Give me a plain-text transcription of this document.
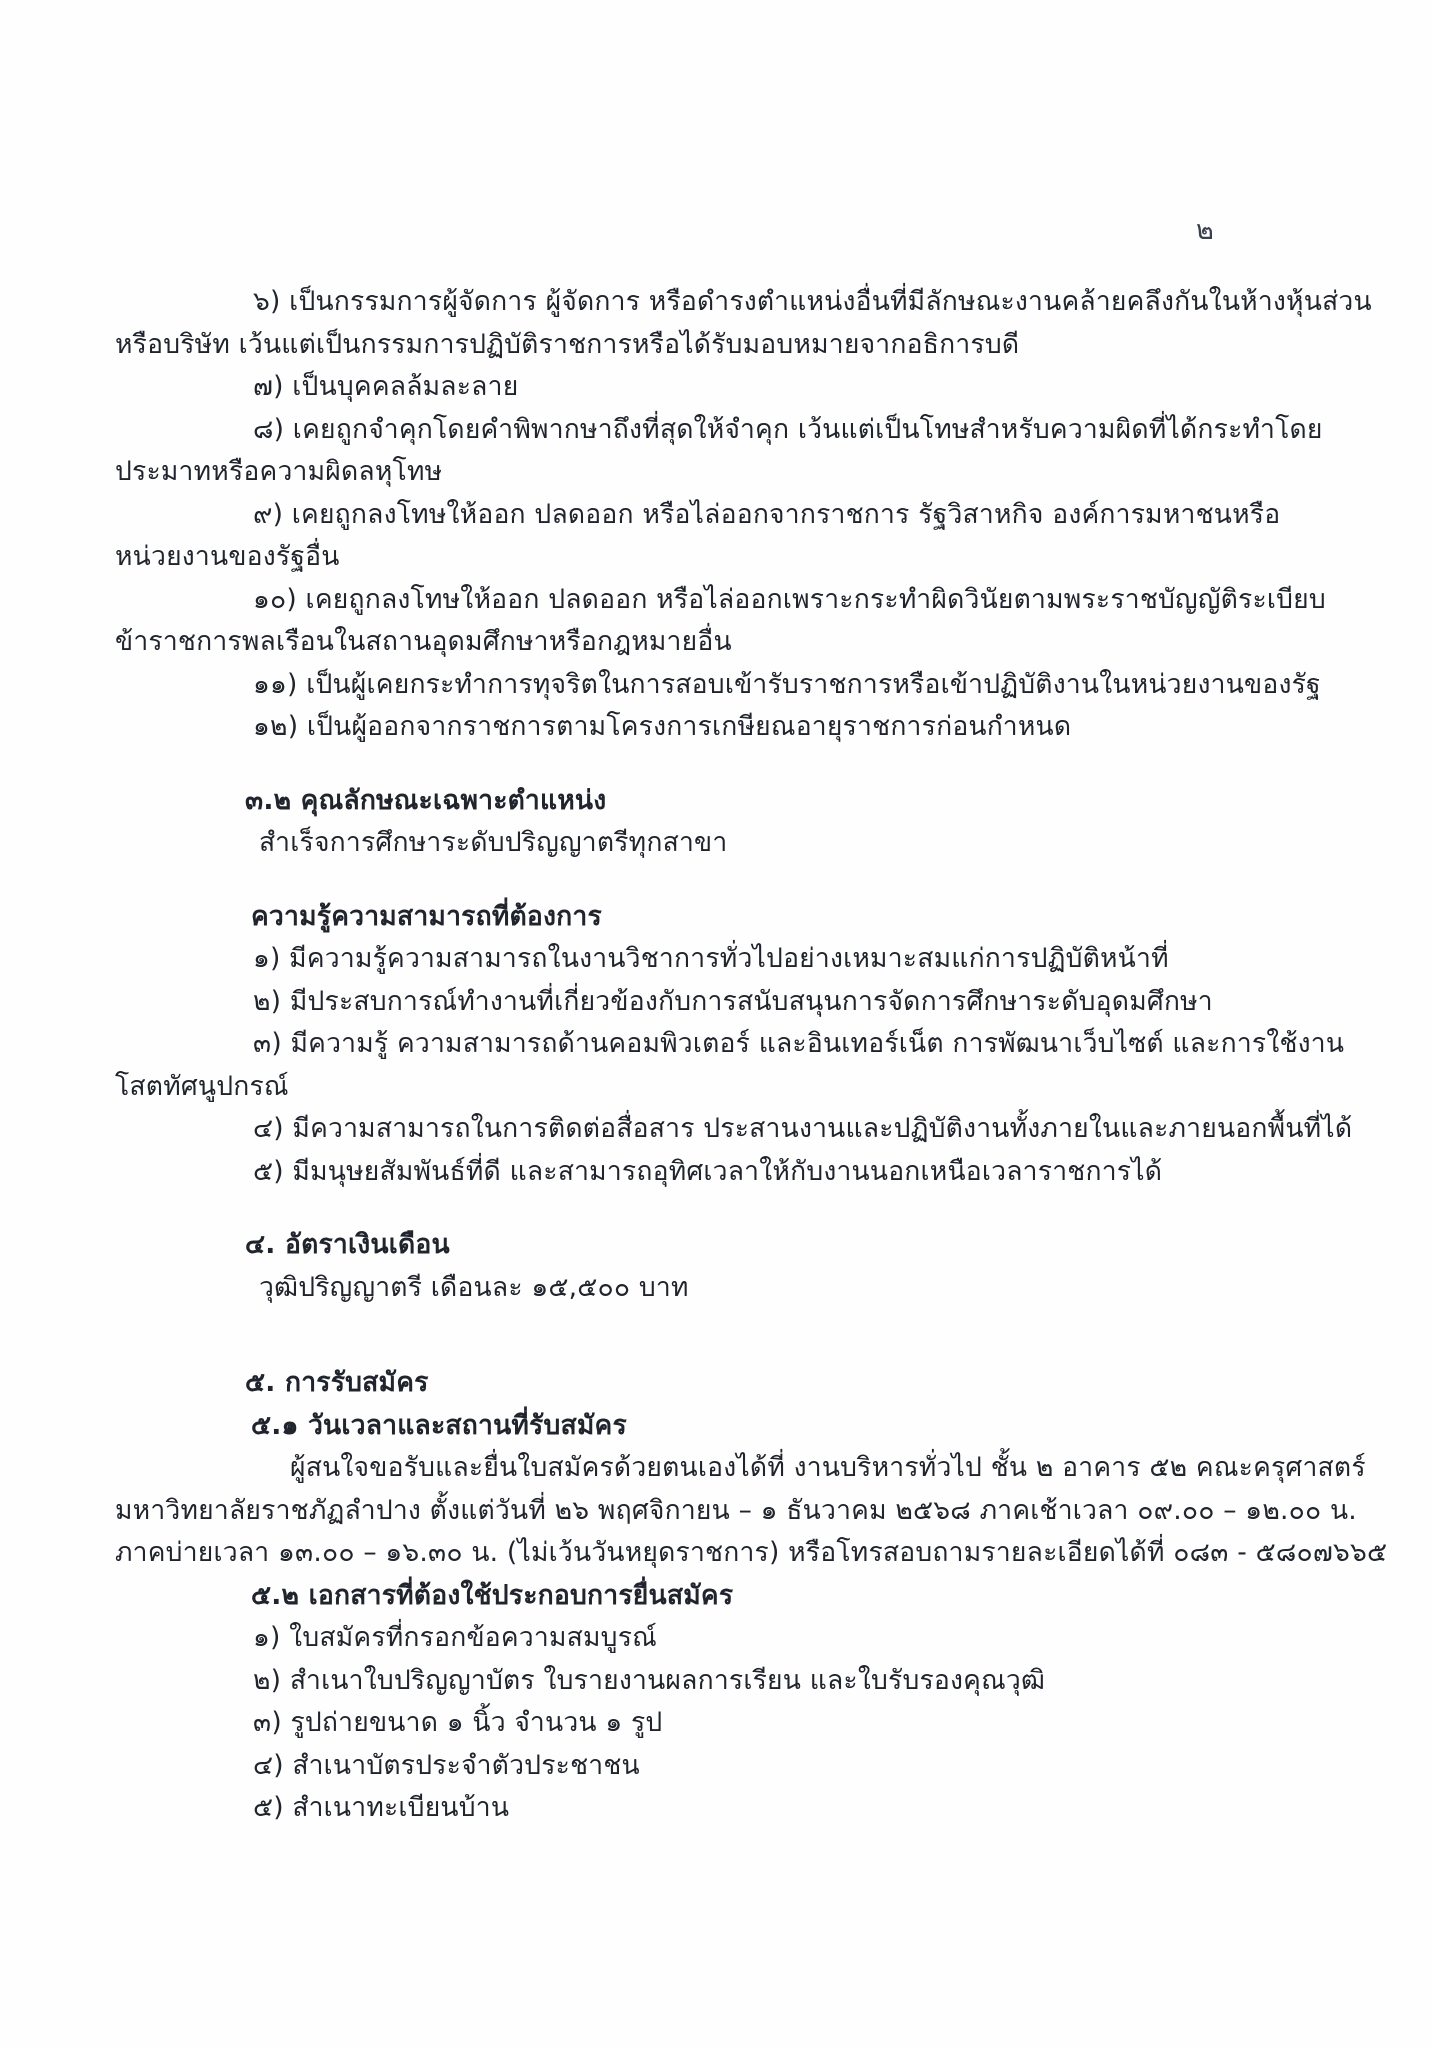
๒
๖) เป็นกรรมการผู้จัดการ ผู้จัดการ หรือดำรงตำแหน่งอื่นที่มีลักษณะงานคล้ายคลึงกันในห้างหุ้นส่วน
หรือบริษัท เว้นแต่เป็นกรรมการปฏิบัติราชการหรือได้รับมอบหมายจากอธิการบดี
๗) เป็นบุคคลล้มละลาย
๘) เคยถูกจำคุกโดยคำพิพากษาถึงที่สุดให้จำคุก เว้นแต่เป็นโทษสำหรับความผิดที่ได้กระทำโดย
ประมาทหรือความผิดลหุโทษ
๙) เคยถูกลงโทษให้ออก ปลดออก หรือไล่ออกจากราชการ รัฐวิสาหกิจ องค์การมหาชนหรือ
หน่วยงานของรัฐอื่น
๑๐) เคยถูกลงโทษให้ออก ปลดออก หรือไล่ออกเพราะกระทำผิดวินัยตามพระราชบัญญัติระเบียบ
ข้าราชการพลเรือนในสถานอุดมศึกษาหรือกฎหมายอื่น
๑๑) เป็นผู้เคยกระทำการทุจริตในการสอบเข้ารับราชการหรือเข้าปฏิบัติงานในหน่วยงานของรัฐ
๑๒) เป็นผู้ออกจากราชการตามโครงการเกษียณอายุราชการก่อนกำหนด
๓.๒ คุณลักษณะเฉพาะตำแหน่ง
สำเร็จการศึกษาระดับปริญญาตรีทุกสาขา
ความรู้ความสามารถที่ต้องการ
๑) มีความรู้ความสามารถในงานวิชาการทั่วไปอย่างเหมาะสมแก่การปฏิบัติหน้าที่
๒) มีประสบการณ์ทำงานที่เกี่ยวข้องกับการสนับสนุนการจัดการศึกษาระดับอุดมศึกษา
๓) มีความรู้ ความสามารถด้านคอมพิวเตอร์ และอินเทอร์เน็ต การพัฒนาเว็บไซต์ และการใช้งาน
โสตทัศนูปกรณ์
๔) มีความสามารถในการติดต่อสื่อสาร ประสานงานและปฏิบัติงานทั้งภายในและภายนอกพื้นที่ได้
๕) มีมนุษยสัมพันธ์ที่ดี และสามารถอุทิศเวลาให้กับงานนอกเหนือเวลาราชการได้
๔. อัตราเงินเดือน
วุฒิปริญญาตรี เดือนละ ๑๕,๕๐๐ บาท
๕. การรับสมัคร
๕.๑ วันเวลาและสถานที่รับสมัคร
ผู้สนใจขอรับและยื่นใบสมัครด้วยตนเองได้ที่ งานบริหารทั่วไป ชั้น ๒ อาคาร ๕๒ คณะครุศาสตร์
มหาวิทยาลัยราชภัฏลำปาง ตั้งแต่วันที่ ๒๖ พฤศจิกายน – ๑ ธันวาคม ๒๕๖๘ ภาคเช้าเวลา ๐๙.๐๐ – ๑๒.๐๐ น.
ภาคบ่ายเวลา ๑๓.๐๐ – ๑๖.๓๐ น. (ไม่เว้นวันหยุดราชการ) หรือโทรสอบถามรายละเอียดได้ที่ ๐๘๓ - ๕๘๐๗๖๖๕
๕.๒ เอกสารที่ต้องใช้ประกอบการยื่นสมัคร
๑) ใบสมัครที่กรอกข้อความสมบูรณ์
๒) สำเนาใบปริญญาบัตร ใบรายงานผลการเรียน และใบรับรองคุณวุฒิ
๓) รูปถ่ายขนาด ๑ นิ้ว จำนวน ๑ รูป
๔) สำเนาบัตรประจำตัวประชาชน
๕) สำเนาทะเบียนบ้าน
